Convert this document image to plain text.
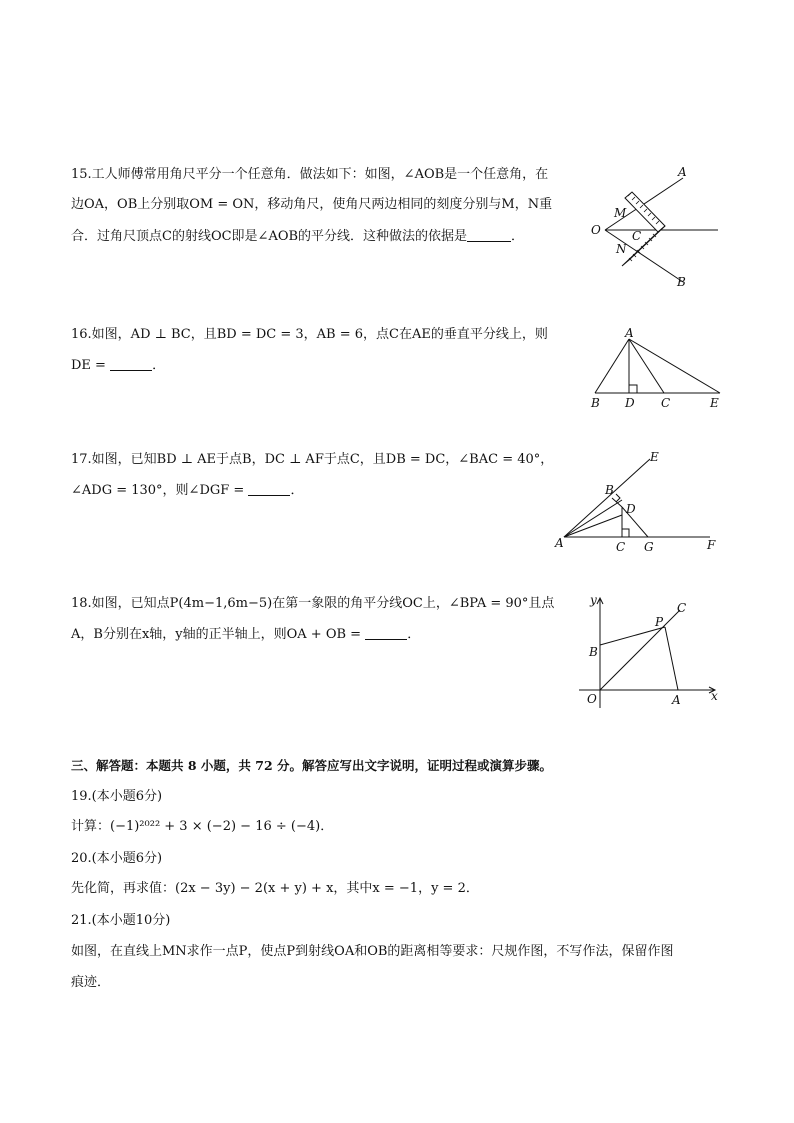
15.工人师傅常用角尺平分一个任意角．做法如下：如图，∠AOB是一个任意角，在
边OA，OB上分别取OM = ON，移动角尺，使角尺两边相同的刻度分别与M，N重
合．过角尺顶点C的射线OC即是∠AOB的平分线．这种做法的依据是	．
A
O
M
C
N
B
16.如图，AD ⊥ BC，且BD = DC = 3，AB = 6，点C在AE的垂直平分线上，则
DE =	．
A
B D C	E
17.如图，已知BD ⊥ AE于点B，DC ⊥ AF于点C，且DB = DC，∠BAC = 40°，
∠ADG = 130°，则∠DGF =	．
E
B
D
A	C G	F
18.如图，已知点P(4m−1,6m−5)在第一象限的角平分线OC上，∠BPA = 90°且点
A，B分别在x轴，y轴的正半轴上，则OA + OB =	．
y
C
P
B
O	A	x
三、解答题：本题共 8 小题，共 72 分。解答应写出文字说明，证明过程或演算步骤。
19.(本小题6分)
计算：(−1)²⁰²² + 3 × (−2) − 16 ÷ (−4)．
20.(本小题6分)
先化简，再求值：(2x − 3y) − 2(x + y) + x，其中x = −1，y = 2．
21.(本小题10分)
如图，在直线上MN求作一点P，使点P到射线OA和OB的距离相等要求：尺规作图，不写作法，保留作图
痕迹．
